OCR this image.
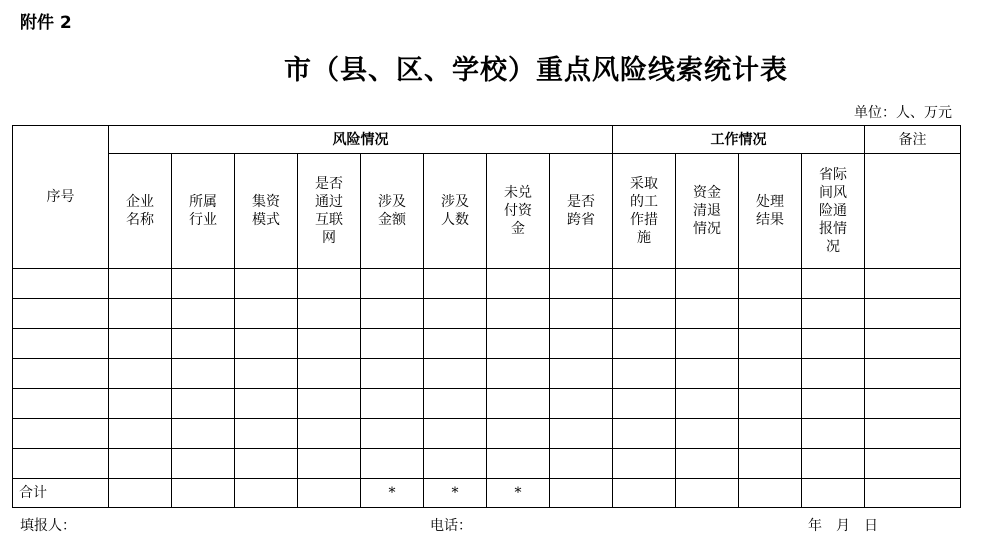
附件 2
市（县、区、学校）重点风险线索统计表
单位：人、万元
序号	风险情况								工作情况				备注
	企业名称	所属行业	集资模式	是否通过互联网	涉及金额	涉及人数	未兑付资金	是否跨省	采取的工作措施	资金清退情况	处理结果	省际间风险通报情况	

合计					*	*	*						
填报人：	电话：	年　月　日
